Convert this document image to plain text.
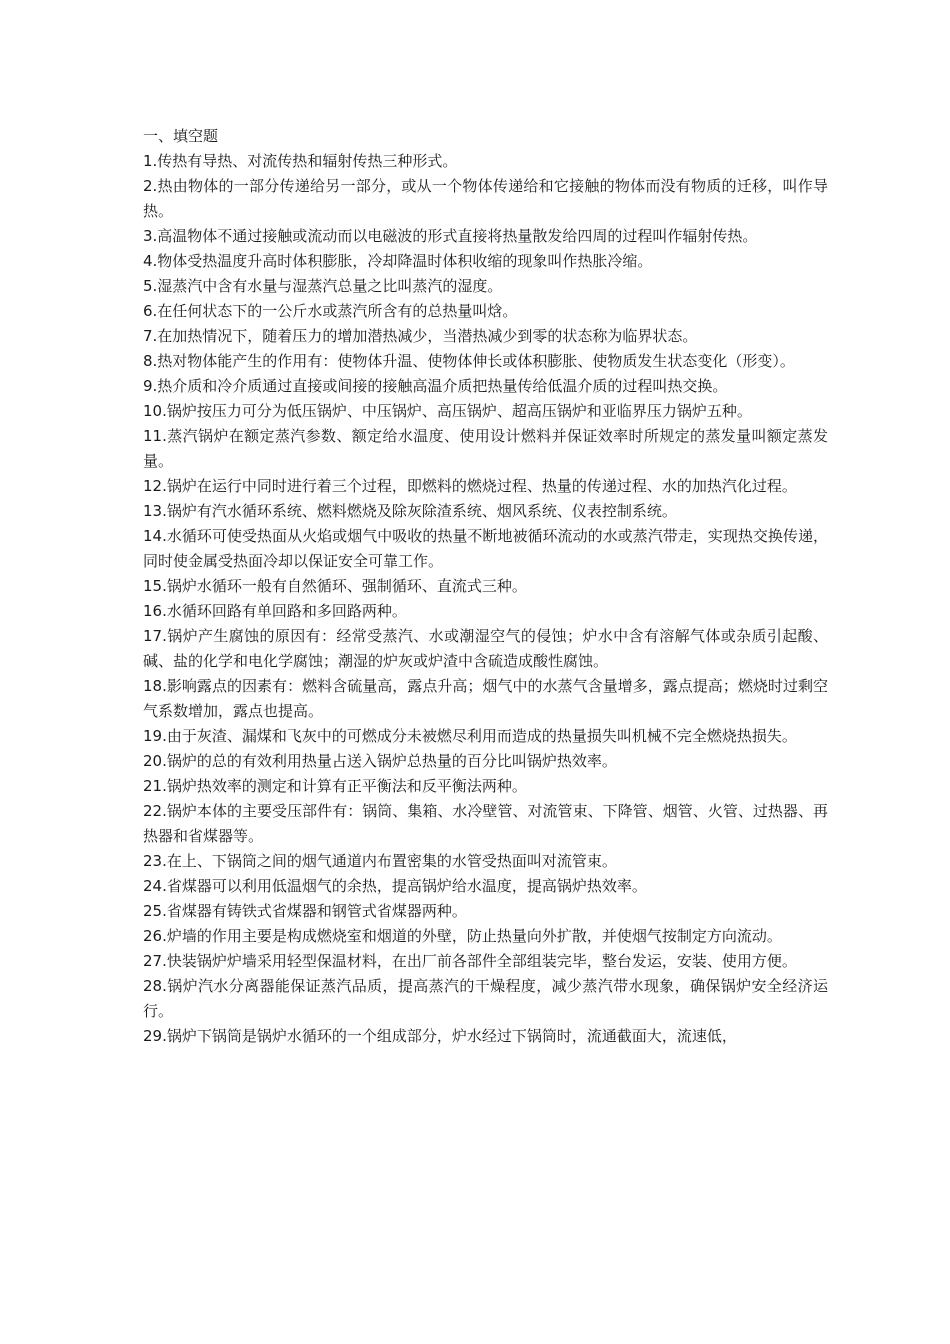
一、填空题

1.传热有导热、对流传热和辐射传热三种形式。

2.热由物体的一部分传递给另一部分，或从一个物体传递给和它接触的物体而没有物质的迁移，叫作导热。

3.高温物体不通过接触或流动而以电磁波的形式直接将热量散发给四周的过程叫作辐射传热。

4.物体受热温度升高时体积膨胀，冷却降温时体积收缩的现象叫作热胀冷缩。

5.湿蒸汽中含有水量与湿蒸汽总量之比叫蒸汽的湿度。

6.在任何状态下的一公斤水或蒸汽所含有的总热量叫焓。

7.在加热情况下，随着压力的增加潜热减少，当潜热减少到零的状态称为临界状态。

8.热对物体能产生的作用有：使物体升温、使物体伸长或体积膨胀、使物质发生状态变化（形变）。

9.热介质和冷介质通过直接或间接的接触高温介质把热量传给低温介质的过程叫热交换。

10.锅炉按压力可分为低压锅炉、中压锅炉、高压锅炉、超高压锅炉和亚临界压力锅炉五种。

11.蒸汽锅炉在额定蒸汽参数、额定给水温度、使用设计燃料并保证效率时所规定的蒸发量叫额定蒸发量。

12.锅炉在运行中同时进行着三个过程，即燃料的燃烧过程、热量的传递过程、水的加热汽化过程。

13.锅炉有汽水循环系统、燃料燃烧及除灰除渣系统、烟风系统、仪表控制系统。

14.水循环可使受热面从火焰或烟气中吸收的热量不断地被循环流动的水或蒸汽带走，实现热交换传递，同时使金属受热面冷却以保证安全可靠工作。

15.锅炉水循环一般有自然循环、强制循环、直流式三种。

16.水循环回路有单回路和多回路两种。

17.锅炉产生腐蚀的原因有：经常受蒸汽、水或潮湿空气的侵蚀；炉水中含有溶解气体或杂质引起酸、碱、盐的化学和电化学腐蚀；潮湿的炉灰或炉渣中含硫造成酸性腐蚀。

18.影响露点的因素有：燃料含硫量高，露点升高；烟气中的水蒸气含量增多，露点提高；燃烧时过剩空气系数增加，露点也提高。

19.由于灰渣、漏煤和飞灰中的可燃成分未被燃尽利用而造成的热量损失叫机械不完全燃烧热损失。

20.锅炉的总的有效利用热量占送入锅炉总热量的百分比叫锅炉热效率。

21.锅炉热效率的测定和计算有正平衡法和反平衡法两种。

22.锅炉本体的主要受压部件有：锅筒、集箱、水冷壁管、对流管束、下降管、烟管、火管、过热器、再热器和省煤器等。

23.在上、下锅筒之间的烟气通道内布置密集的水管受热面叫对流管束。

24.省煤器可以利用低温烟气的余热，提高锅炉给水温度，提高锅炉热效率。

25.省煤器有铸铁式省煤器和钢管式省煤器两种。

26.炉墙的作用主要是构成燃烧室和烟道的外壁，防止热量向外扩散，并使烟气按制定方向流动。

27.快装锅炉炉墙采用轻型保温材料，在出厂前各部件全部组装完毕，整台发运，安装、使用方便。

28.锅炉汽水分离器能保证蒸汽品质，提高蒸汽的干燥程度，减少蒸汽带水现象，确保锅炉安全经济运行。

29.锅炉下锅筒是锅炉水循环的一个组成部分，炉水经过下锅筒时，流通截面大，流速低，
